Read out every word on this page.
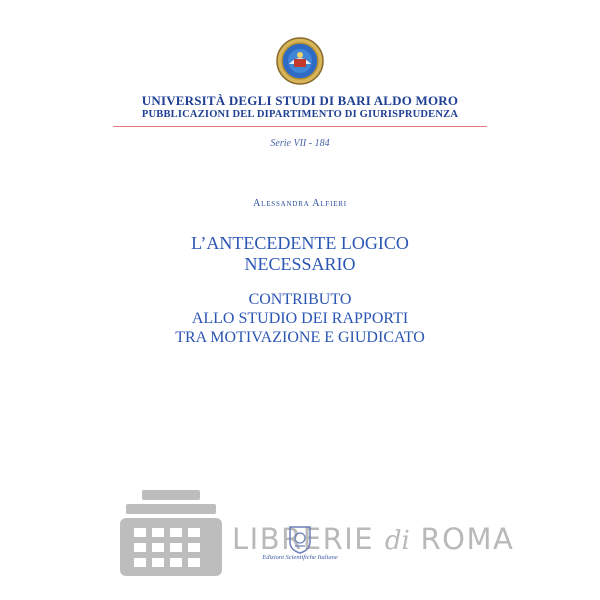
UNIVERSITÀ DEGLI STUDI DI BARI ALDO MORO
PUBBLICAZIONI DEL DIPARTIMENTO DI GIURISPRUDENZA
Serie VII - 184
Alessandra Alfieri
L’ANTECEDENTE LOGICO
NECESSARIO
CONTRIBUTO
ALLO STUDIO DEI RAPPORTI
TRA MOTIVAZIONE E GIUDICATO
LIBRERIE di ROMA
Edizioni Scientifiche Italiane
